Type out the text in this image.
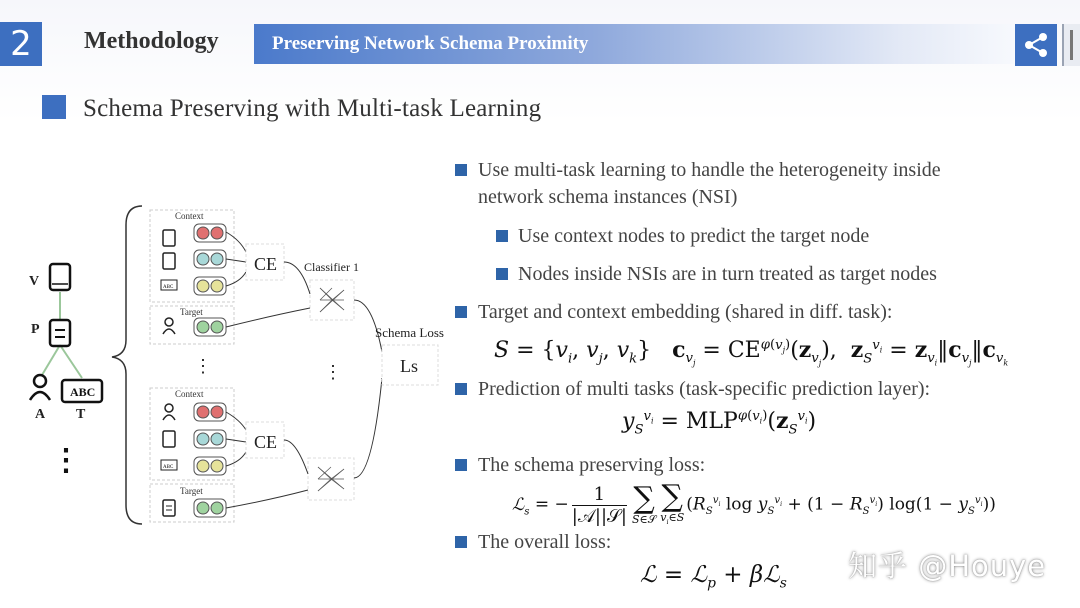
2	Methodology	Preserving Network Schema Proximity
Schema Preserving with Multi-task Learning
V
P
A
ABC
T
⋮
Context
ABC
Target
CE Classifier 1
⋮	⋮
Context
ABC
Target
CE
Schema Loss
Ls
Use multi-task learning to handle the heterogeneity inside
network schema instances (NSI)
Use context nodes to predict the target node
Nodes inside NSIs are in turn treated as target nodes
Target and context embedding (shared in diff. task):
$S = \{v_i$, $v_j$, $v_k$}   $c_{v_j} = CE^{\varphi(v_j)}(z_{v_j})$,  $z_S^{v_i}$ = $z_{v_i}‖c_{v_j}‖c_{v_k}$
Prediction of multi tasks (task-specific prediction layer):
$y_S^{v_i} = MLP^{\varphi(v_i)}(z_S^{v_i})$
The schema preserving loss:
ℒ$_s$ = − $\frac{1}{\text{|𝒜||𝒮|}}$ ∑
S∈𝒮
∑
$v_i\in S$
($R_S^{v_i}$ $\log y_S^{v_i} + (1 - R_S^{v_i}) \log(1 - y_S^{v_i})$)
The overall loss:
ℒ = ℒ$_p$ + βℒ$_s$
知乎 @Houye
